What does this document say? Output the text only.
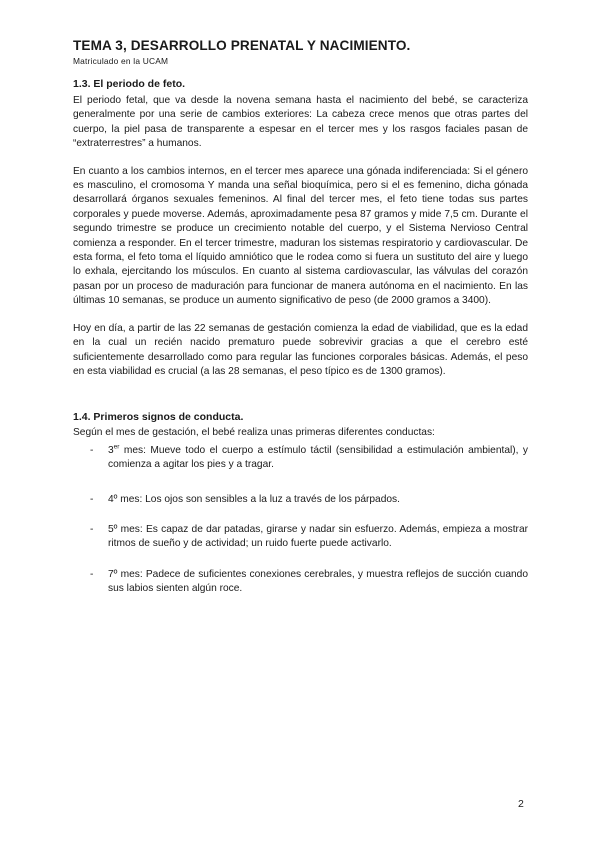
TEMA 3, DESARROLLO PRENATAL Y NACIMIENTO.
Matriculado en la UCAM
1.3. El periodo de feto.

El periodo fetal, que va desde la novena semana hasta el nacimiento del bebé, se caracteriza generalmente por una serie de cambios exteriores: La cabeza crece menos que otras partes del cuerpo, la piel pasa de transparente a espesar en el tercer mes y los rasgos faciales pasan de “extraterrestres” a humanos.

En cuanto a los cambios internos, en el tercer mes aparece una gónada indiferenciada: Si el género es masculino, el cromosoma Y manda una señal bioquímica, pero si el es femenino, dicha gónada desarrollará órganos sexuales femeninos. Al final del tercer mes, el feto tiene todas sus partes corporales y puede moverse. Además, aproximadamente pesa 87 gramos y mide 7,5 cm. Durante el segundo trimestre se produce un crecimiento notable del cuerpo, y el Sistema Nervioso Central comienza a responder. En el tercer trimestre, maduran los sistemas respiratorio y cardiovascular. De esta forma, el feto toma el líquido amniótico que le rodea como si fuera un sustituto del aire y luego lo exhala, ejercitando los músculos. En cuanto al sistema cardiovascular, las válvulas del corazón pasan por un proceso de maduración para funcionar de manera autónoma en el nacimiento. En las últimas 10 semanas, se produce un aumento significativo de peso (de 2000 gramos a 3400).

Hoy en día, a partir de las 22 semanas de gestación comienza la edad de viabilidad, que es la edad en la cual un recién nacido prematuro puede sobrevivir gracias a que el cerebro esté suficientemente desarrollado como para regular las funciones corporales básicas. Además, el peso en esta viabilidad es crucial (a las 28 semanas, el peso típico es de 1300 gramos).

1.4. Primeros signos de conducta.

Según el mes de gestación, el bebé realiza unas primeras diferentes conductas:

- 3er mes: Mueve todo el cuerpo a estímulo táctil (sensibilidad a estimulación ambiental), y comienza a agitar los pies y a tragar.
- 4º mes: Los ojos son sensibles a la luz a través de los párpados.
- 5º mes: Es capaz de dar patadas, girarse y nadar sin esfuerzo. Además, empieza a mostrar ritmos de sueño y de actividad; un ruido fuerte puede activarlo.
- 7º mes: Padece de suficientes conexiones cerebrales, y muestra reflejos de succión cuando sus labios sienten algún roce.
2
